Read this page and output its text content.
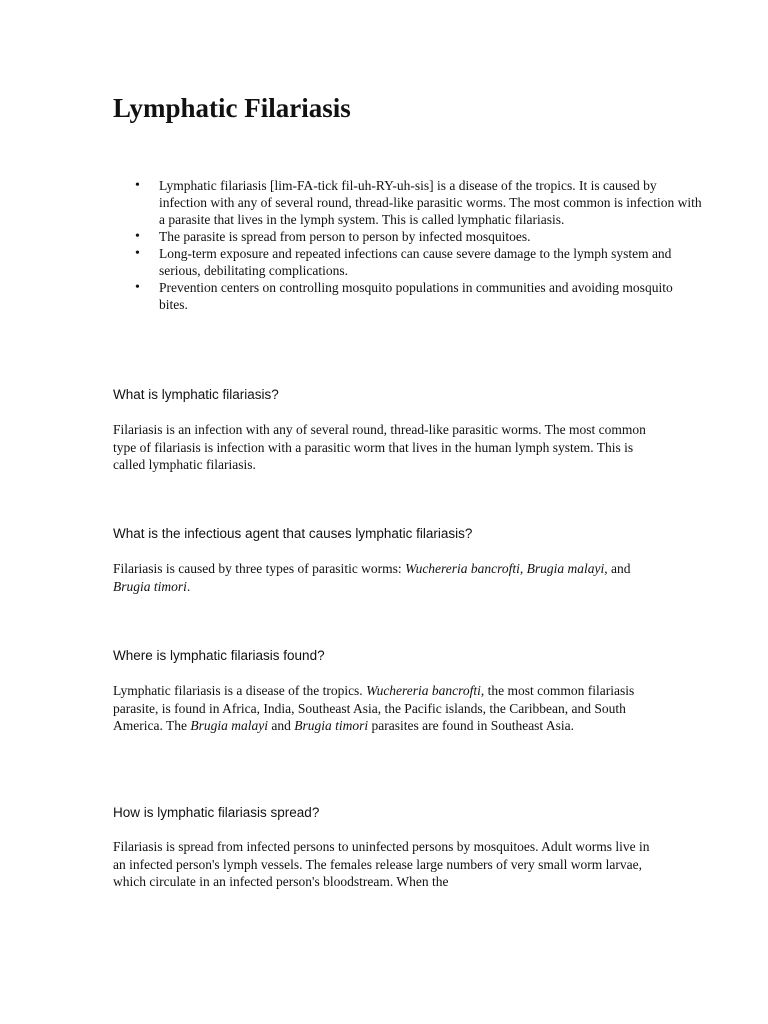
Lymphatic Filariasis
• Lymphatic filariasis [lim-FA-tick fil-uh-RY-uh-sis] is a disease of the tropics. It is caused by infection with any of several round, thread-like parasitic worms. The most common is infection with a parasite that lives in the lymph system. This is called lymphatic filariasis.
• The parasite is spread from person to person by infected mosquitoes.
• Long-term exposure and repeated infections can cause severe damage to the lymph system and serious, debilitating complications.
• Prevention centers on controlling mosquito populations in communities and avoiding mosquito bites.
What is lymphatic filariasis?

Filariasis is an infection with any of several round, thread-like parasitic worms. The most common type of filariasis is infection with a parasitic worm that lives in the human lymph system. This is called lymphatic filariasis.

What is the infectious agent that causes lymphatic filariasis?

Filariasis is caused by three types of parasitic worms: Wuchereria bancrofti, Brugia malayi, and Brugia timori.

Where is lymphatic filariasis found?

Lymphatic filariasis is a disease of the tropics. Wuchereria bancrofti, the most common filariasis parasite, is found in Africa, India, Southeast Asia, the Pacific islands, the Caribbean, and South America. The Brugia malayi and Brugia timori parasites are found in Southeast Asia.

How is lymphatic filariasis spread?

Filariasis is spread from infected persons to uninfected persons by mosquitoes. Adult worms live in an infected person's lymph vessels. The females release large numbers of very small worm larvae, which circulate in an infected person's bloodstream. When the
